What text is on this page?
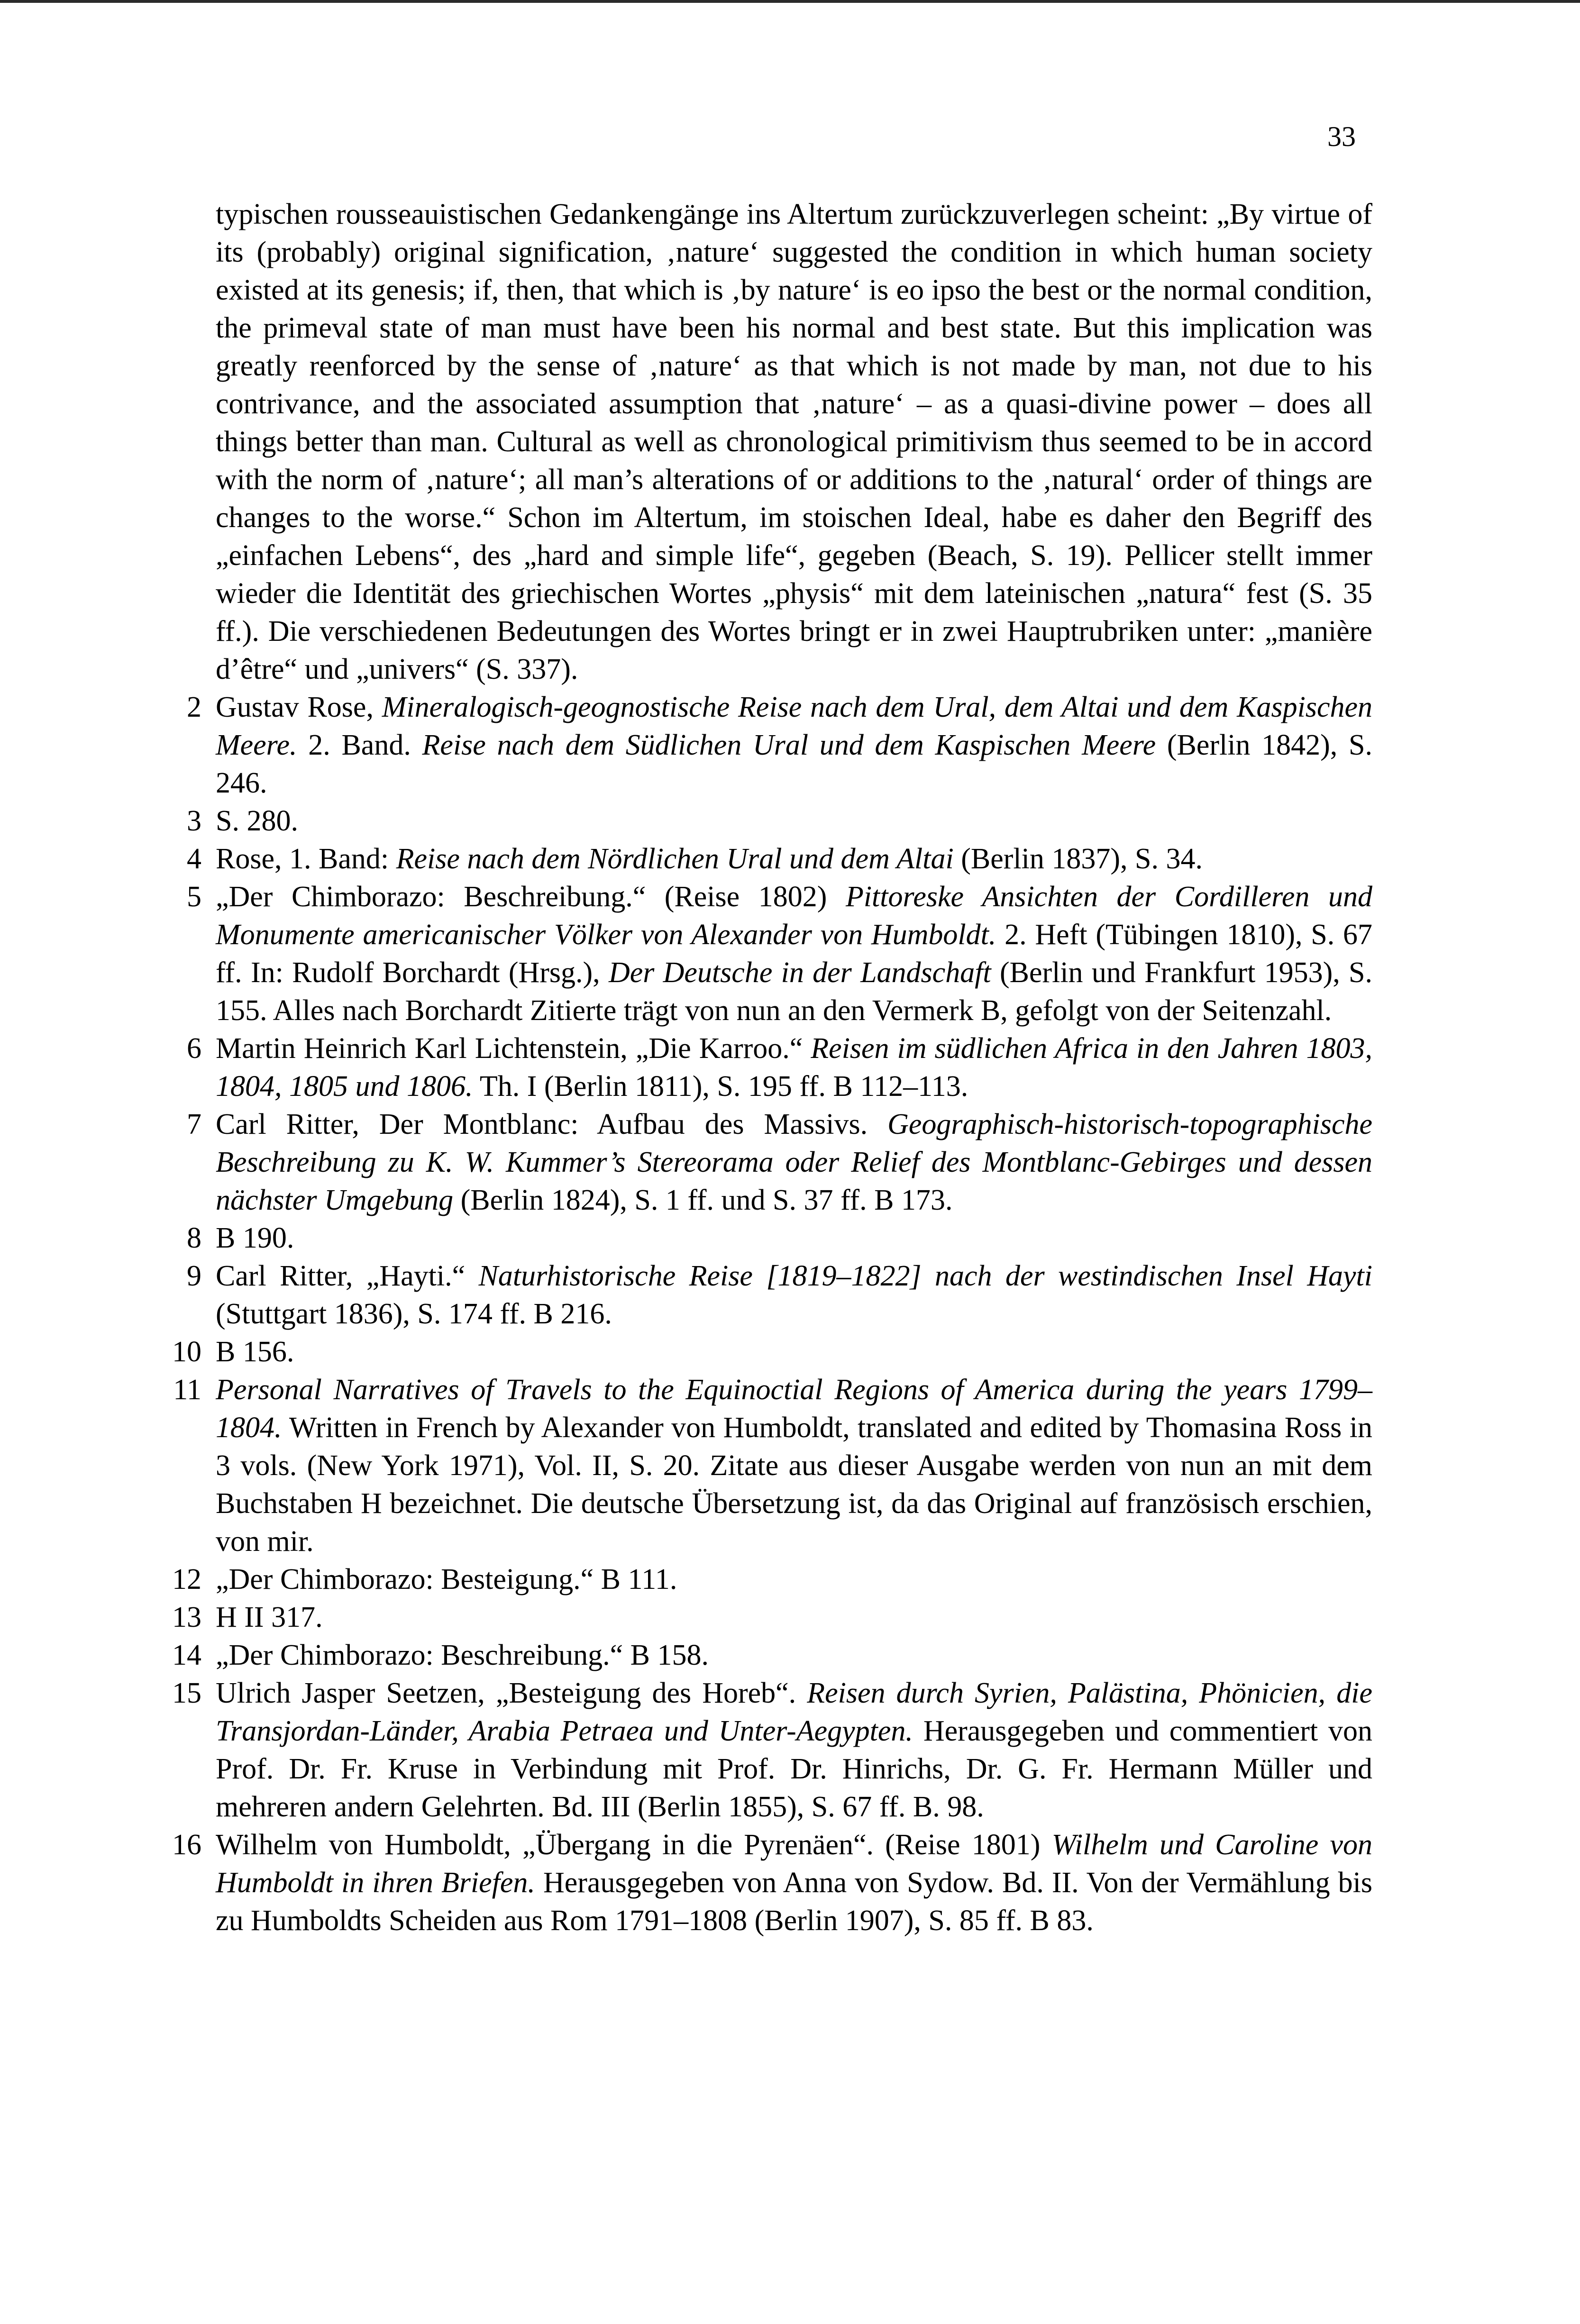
33

typischen rousseauistischen Gedankengänge ins Altertum zurückzuverlegen scheint: „By virtue of its (probably) original signification, ‚nature‘ suggested the condition in which human society existed at its genesis; if, then, that which is ‚by nature‘ is eo ipso the best or the normal condition, the primeval state of man must have been his normal and best state. But this implication was greatly reenforced by the sense of ‚nature‘ as that which is not made by man, not due to his contrivance, and the associated assumption that ‚nature‘ – as a quasi-divine power – does all things better than man. Cultural as well as chronological primitivism thus seemed to be in accord with the norm of ‚nature‘; all man’s alterations of or additions to the ‚natural‘ order of things are changes to the worse.“ Schon im Altertum, im stoischen Ideal, habe es daher den Begriff des „einfachen Lebens“, des „hard and simple life“, gegeben (Beach, S. 19). Pellicer stellt immer wieder die Identität des griechischen Wortes „physis“ mit dem lateinischen „natura“ fest (S. 35 ff.). Die verschiedenen Bedeutungen des Wortes bringt er in zwei Hauptrubriken unter: „manière d’être“ und „univers“ (S. 337).

2 Gustav Rose, Mineralogisch-geognostische Reise nach dem Ural, dem Altai und dem Kaspischen Meere. 2. Band. Reise nach dem Südlichen Ural und dem Kaspischen Meere (Berlin 1842), S. 246.
3 S. 280.
4 Rose, 1. Band: Reise nach dem Nördlichen Ural und dem Altai (Berlin 1837), S. 34.
5 „Der Chimborazo: Beschreibung.“ (Reise 1802) Pittoreske Ansichten der Cordilleren und Monumente americanischer Völker von Alexander von Humboldt. 2. Heft (Tübingen 1810), S. 67 ff. In: Rudolf Borchardt (Hrsg.), Der Deutsche in der Landschaft (Berlin und Frankfurt 1953), S. 155. Alles nach Borchardt Zitierte trägt von nun an den Vermerk B, gefolgt von der Seitenzahl.
6 Martin Heinrich Karl Lichtenstein, „Die Karroo.“ Reisen im südlichen Africa in den Jahren 1803, 1804, 1805 und 1806. Th. I (Berlin 1811), S. 195 ff. B 112–113.
7 Carl Ritter, Der Montblanc: Aufbau des Massivs. Geographisch-historisch-topographische Beschreibung zu K. W. Kummer’s Stereorama oder Relief des Montblanc-Gebirges und dessen nächster Umgebung (Berlin 1824), S. 1 ff. und S. 37 ff. B 173.
8 B 190.
9 Carl Ritter, „Hayti.“ Naturhistorische Reise [1819–1822] nach der westindischen Insel Hayti (Stuttgart 1836), S. 174 ff. B 216.
10 B 156.
11 Personal Narratives of Travels to the Equinoctial Regions of America during the years 1799–1804. Written in French by Alexander von Humboldt, translated and edited by Thomasina Ross in 3 vols. (New York 1971), Vol. II, S. 20. Zitate aus dieser Ausgabe werden von nun an mit dem Buchstaben H bezeichnet. Die deutsche Übersetzung ist, da das Original auf französisch erschien, von mir.
12 „Der Chimborazo: Besteigung.“ B 111.
13 H II 317.
14 „Der Chimborazo: Beschreibung.“ B 158.
15 Ulrich Jasper Seetzen, „Besteigung des Horeb“. Reisen durch Syrien, Palästina, Phönicien, die Transjordan-Länder, Arabia Petraea und Unter-Aegypten. Herausgegeben und commentiert von Prof. Dr. Fr. Kruse in Verbindung mit Prof. Dr. Hinrichs, Dr. G. Fr. Hermann Müller und mehreren andern Gelehrten. Bd. III (Berlin 1855), S. 67 ff. B. 98.
16 Wilhelm von Humboldt, „Übergang in die Pyrenäen“. (Reise 1801) Wilhelm und Caroline von Humboldt in ihren Briefen. Herausgegeben von Anna von Sydow. Bd. II. Von der Vermählung bis zu Humboldts Scheiden aus Rom 1791–1808 (Berlin 1907), S. 85 ff. B 83.
